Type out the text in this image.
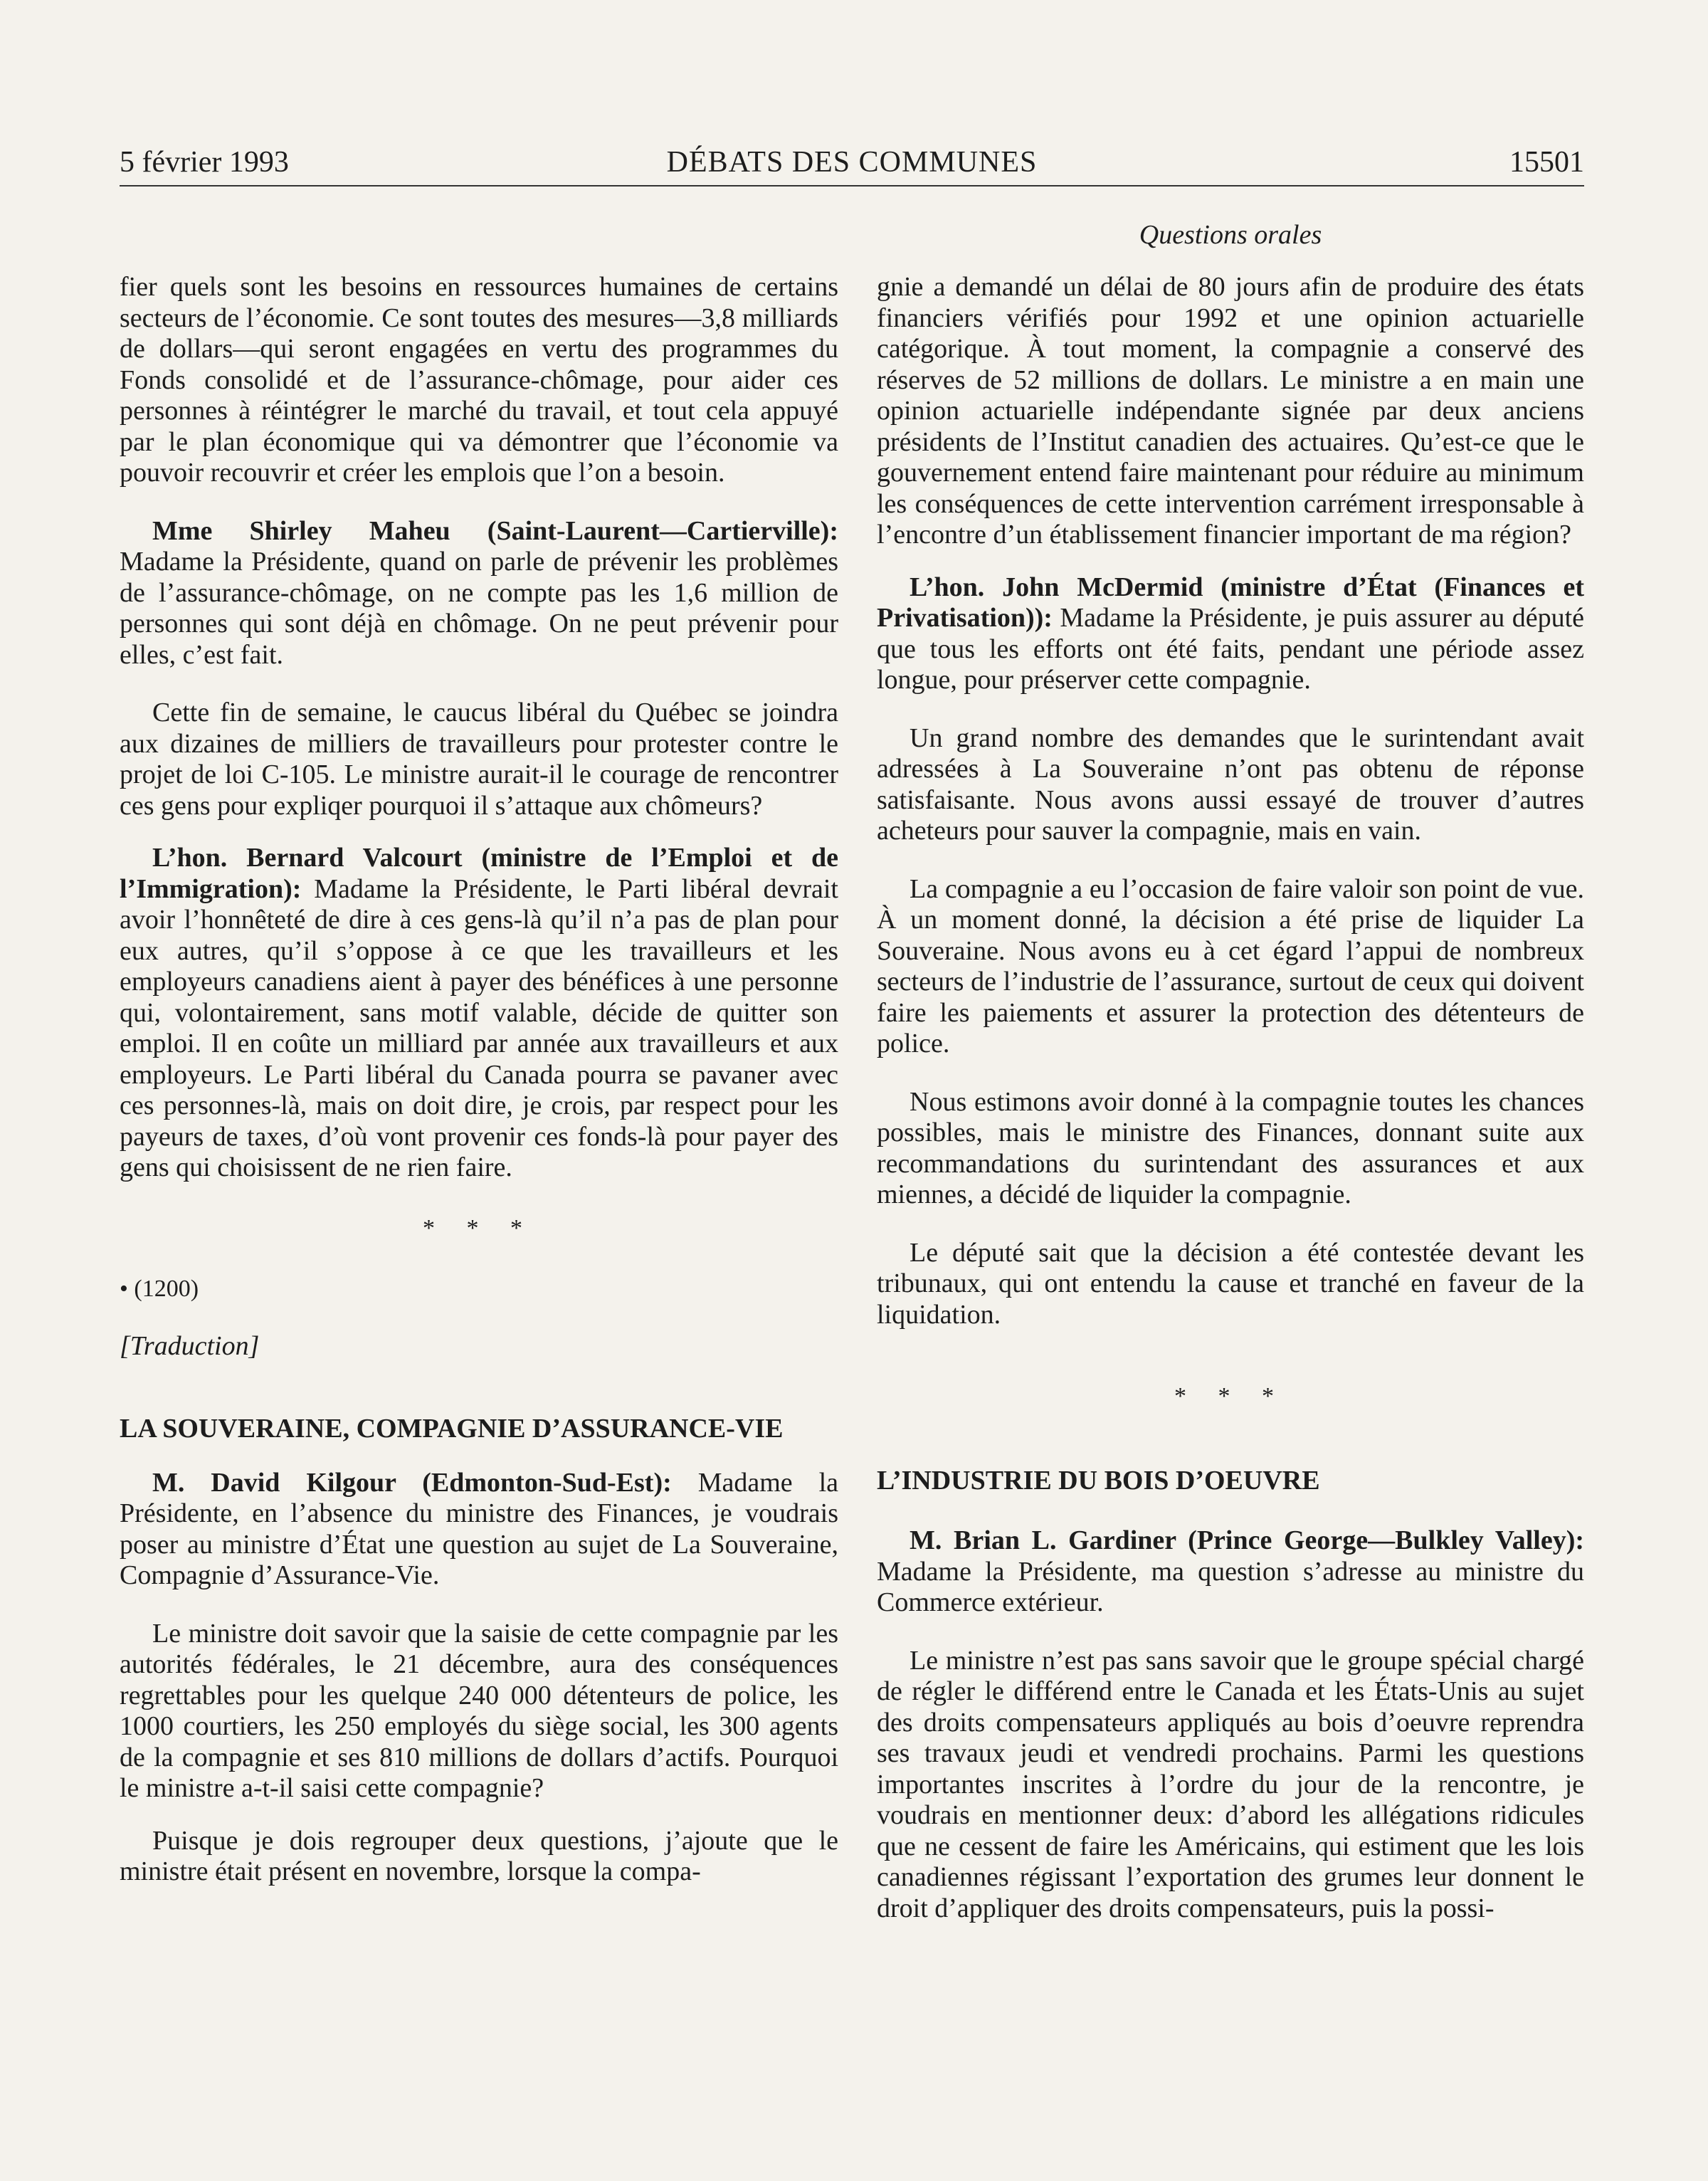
5 février 1993	DÉBATS DES COMMUNES	15501
Questions orales

fier quels sont les besoins en ressources humaines de certains secteurs de l’économie. Ce sont toutes des mesures—3,8 milliards de dollars—qui seront engagées en vertu des programmes du Fonds consolidé et de l’assurance-chômage, pour aider ces personnes à réintégrer le marché du travail, et tout cela appuyé par le plan économique qui va démontrer que l’économie va pouvoir recouvrir et créer les emplois que l’on a besoin.

Mme Shirley Maheu (Saint-Laurent—Cartierville): Madame la Présidente, quand on parle de prévenir les problèmes de l’assurance-chômage, on ne compte pas les 1,6 million de personnes qui sont déjà en chômage. On ne peut prévenir pour elles, c’est fait.

Cette fin de semaine, le caucus libéral du Québec se joindra aux dizaines de milliers de travailleurs pour protester contre le projet de loi C-105. Le ministre aurait-il le courage de rencontrer ces gens pour expliqer pourquoi il s’attaque aux chômeurs?

L’hon. Bernard Valcourt (ministre de l’Emploi et de l’Immigration): Madame la Présidente, le Parti libéral devrait avoir l’honnêteté de dire à ces gens-là qu’il n’a pas de plan pour eux autres, qu’il s’oppose à ce que les travailleurs et les employeurs canadiens aient à payer des bénéfices à une personne qui, volontairement, sans motif valable, décide de quitter son emploi. Il en coûte un milliard par année aux travailleurs et aux employeurs. Le Parti libéral du Canada pourra se pavaner avec ces personnes-là, mais on doit dire, je crois, par respect pour les payeurs de taxes, d’où vont provenir ces fonds-là pour payer des gens qui choisissent de ne rien faire.

* * *

• (1200)

[Traduction]

LA SOUVERAINE, COMPAGNIE D’ASSURANCE-VIE

M. David Kilgour (Edmonton-Sud-Est): Madame la Présidente, en l’absence du ministre des Finances, je voudrais poser au ministre d’État une question au sujet de La Souveraine, Compagnie d’Assurance-Vie.

Le ministre doit savoir que la saisie de cette compagnie par les autorités fédérales, le 21 décembre, aura des conséquences regrettables pour les quelque 240 000 détenteurs de police, les 1000 courtiers, les 250 employés du siège social, les 300 agents de la compagnie et ses 810 millions de dollars d’actifs. Pourquoi le ministre a-t-il saisi cette compagnie?

Puisque je dois regrouper deux questions, j’ajoute que le ministre était présent en novembre, lorsque la compa-

gnie a demandé un délai de 80 jours afin de produire des états financiers vérifiés pour 1992 et une opinion actuarielle catégorique. À tout moment, la compagnie a conservé des réserves de 52 millions de dollars. Le ministre a en main une opinion actuarielle indépendante signée par deux anciens présidents de l’Institut canadien des actuaires. Qu’est-ce que le gouvernement entend faire maintenant pour réduire au minimum les conséquences de cette intervention carrément irresponsable à l’encontre d’un établissement financier important de ma région?

L’hon. John McDermid (ministre d’État (Finances et Privatisation)): Madame la Présidente, je puis assurer au député que tous les efforts ont été faits, pendant une période assez longue, pour préserver cette compagnie.

Un grand nombre des demandes que le surintendant avait adressées à La Souveraine n’ont pas obtenu de réponse satisfaisante. Nous avons aussi essayé de trouver d’autres acheteurs pour sauver la compagnie, mais en vain.

La compagnie a eu l’occasion de faire valoir son point de vue. À un moment donné, la décision a été prise de liquider La Souveraine. Nous avons eu à cet égard l’appui de nombreux secteurs de l’industrie de l’assurance, surtout de ceux qui doivent faire les paiements et assurer la protection des détenteurs de police.

Nous estimons avoir donné à la compagnie toutes les chances possibles, mais le ministre des Finances, donnant suite aux recommandations du surintendant des assurances et aux miennes, a décidé de liquider la compagnie.

Le député sait que la décision a été contestée devant les tribunaux, qui ont entendu la cause et tranché en faveur de la liquidation.

* * *

L’INDUSTRIE DU BOIS D’OEUVRE

M. Brian L. Gardiner (Prince George—Bulkley Valley): Madame la Présidente, ma question s’adresse au ministre du Commerce extérieur.

Le ministre n’est pas sans savoir que le groupe spécial chargé de régler le différend entre le Canada et les États-Unis au sujet des droits compensateurs appliqués au bois d’oeuvre reprendra ses travaux jeudi et vendredi prochains. Parmi les questions importantes inscrites à l’ordre du jour de la rencontre, je voudrais en mentionner deux: d’abord les allégations ridicules que ne cessent de faire les Américains, qui estiment que les lois canadiennes régissant l’exportation des grumes leur donnent le droit d’appliquer des droits compensateurs, puis la possi-
